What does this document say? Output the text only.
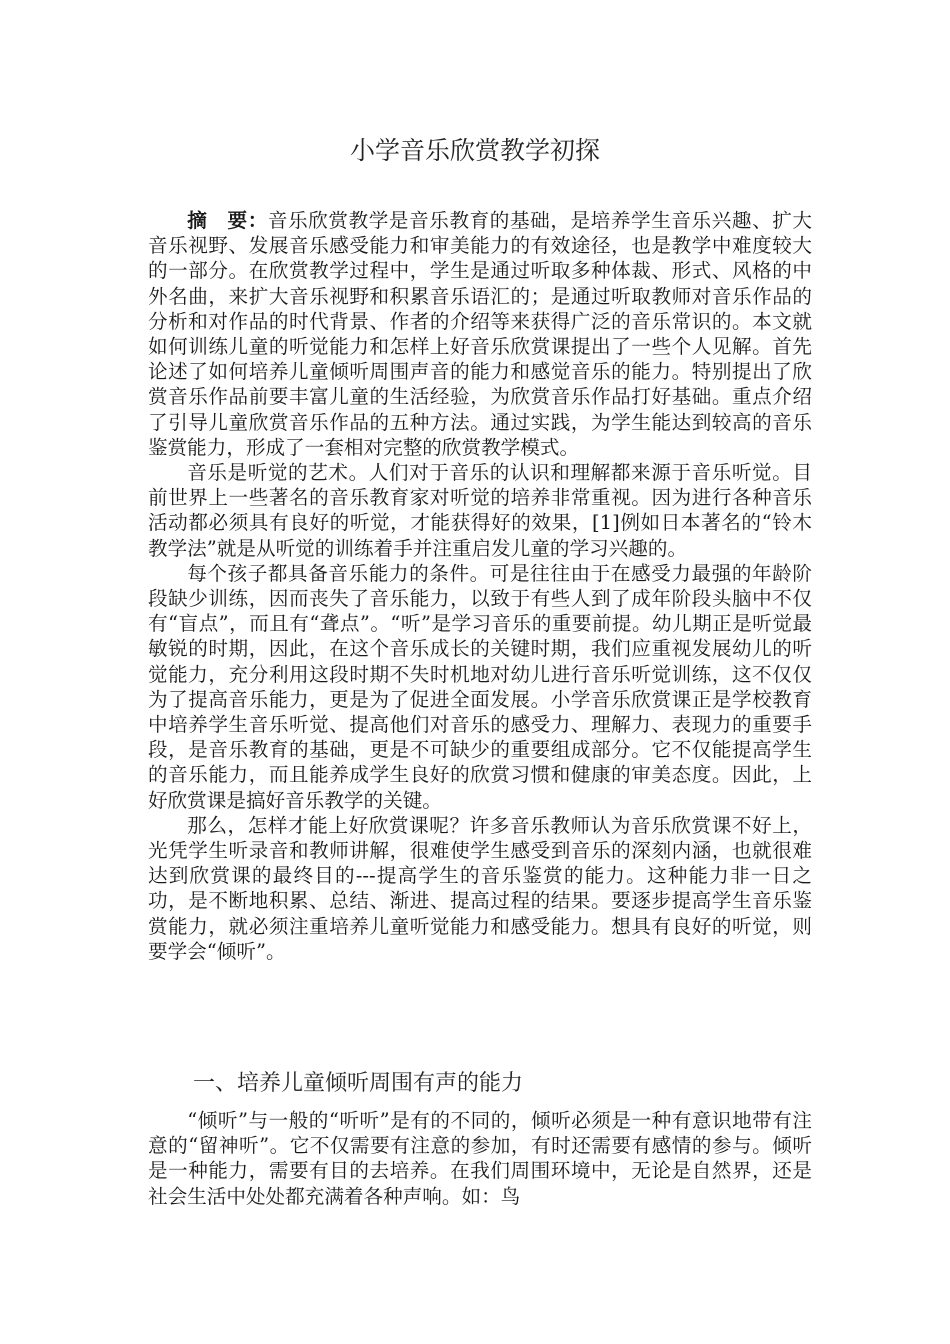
小学音乐欣赏教学初探

摘　要：音乐欣赏教学是音乐教育的基础，是培养学生音乐兴趣、扩大音乐视野、发展音乐感受能力和审美能力的有效途径，也是教学中难度较大的一部分。在欣赏教学过程中，学生是通过听取多种体裁、形式、风格的中外名曲，来扩大音乐视野和积累音乐语汇的；是通过听取教师对音乐作品的分析和对作品的时代背景、作者的介绍等来获得广泛的音乐常识的。本文就如何训练儿童的听觉能力和怎样上好音乐欣赏课提出了一些个人见解。首先论述了如何培养儿童倾听周围声音的能力和感觉音乐的能力。特别提出了欣赏音乐作品前要丰富儿童的生活经验，为欣赏音乐作品打好基础。重点介绍了引导儿童欣赏音乐作品的五种方法。通过实践，为学生能达到较高的音乐鉴赏能力，形成了一套相对完整的欣赏教学模式。

音乐是听觉的艺术。人们对于音乐的认识和理解都来源于音乐听觉。目前世界上一些著名的音乐教育家对听觉的培养非常重视。因为进行各种音乐活动都必须具有良好的听觉，才能获得好的效果，[1]例如日本著名的“铃木教学法”就是从听觉的训练着手并注重启发儿童的学习兴趣的。

每个孩子都具备音乐能力的条件。可是往往由于在感受力最强的年龄阶段缺少训练，因而丧失了音乐能力，以致于有些人到了成年阶段头脑中不仅有“盲点”，而且有“聋点”。“听”是学习音乐的重要前提。幼儿期正是听觉最敏锐的时期，因此，在这个音乐成长的关键时期，我们应重视发展幼儿的听觉能力，充分利用这段时期不失时机地对幼儿进行音乐听觉训练，这不仅仅为了提高音乐能力，更是为了促进全面发展。小学音乐欣赏课正是学校教育中培养学生音乐听觉、提高他们对音乐的感受力、理解力、表现力的重要手段，是音乐教育的基础，更是不可缺少的重要组成部分。它不仅能提高学生的音乐能力，而且能养成学生良好的欣赏习惯和健康的审美态度。因此，上好欣赏课是搞好音乐教学的关键。

那么，怎样才能上好欣赏课呢？许多音乐教师认为音乐欣赏课不好上，光凭学生听录音和教师讲解，很难使学生感受到音乐的深刻内涵，也就很难达到欣赏课的最终目的---提高学生的音乐鉴赏的能力。这种能力非一日之功，是不断地积累、总结、渐进、提高过程的结果。要逐步提高学生音乐鉴赏能力，就必须注重培养儿童听觉能力和感受能力。想具有良好的听觉，则要学会“倾听”。

一、培养儿童倾听周围有声的能力

“倾听”与一般的“听听”是有的不同的，倾听必须是一种有意识地带有注意的“留神听”。它不仅需要有注意的参加，有时还需要有感情的参与。倾听是一种能力，需要有目的去培养。在我们周围环境中，无论是自然界，还是社会生活中处处都充满着各种声响。如：鸟
